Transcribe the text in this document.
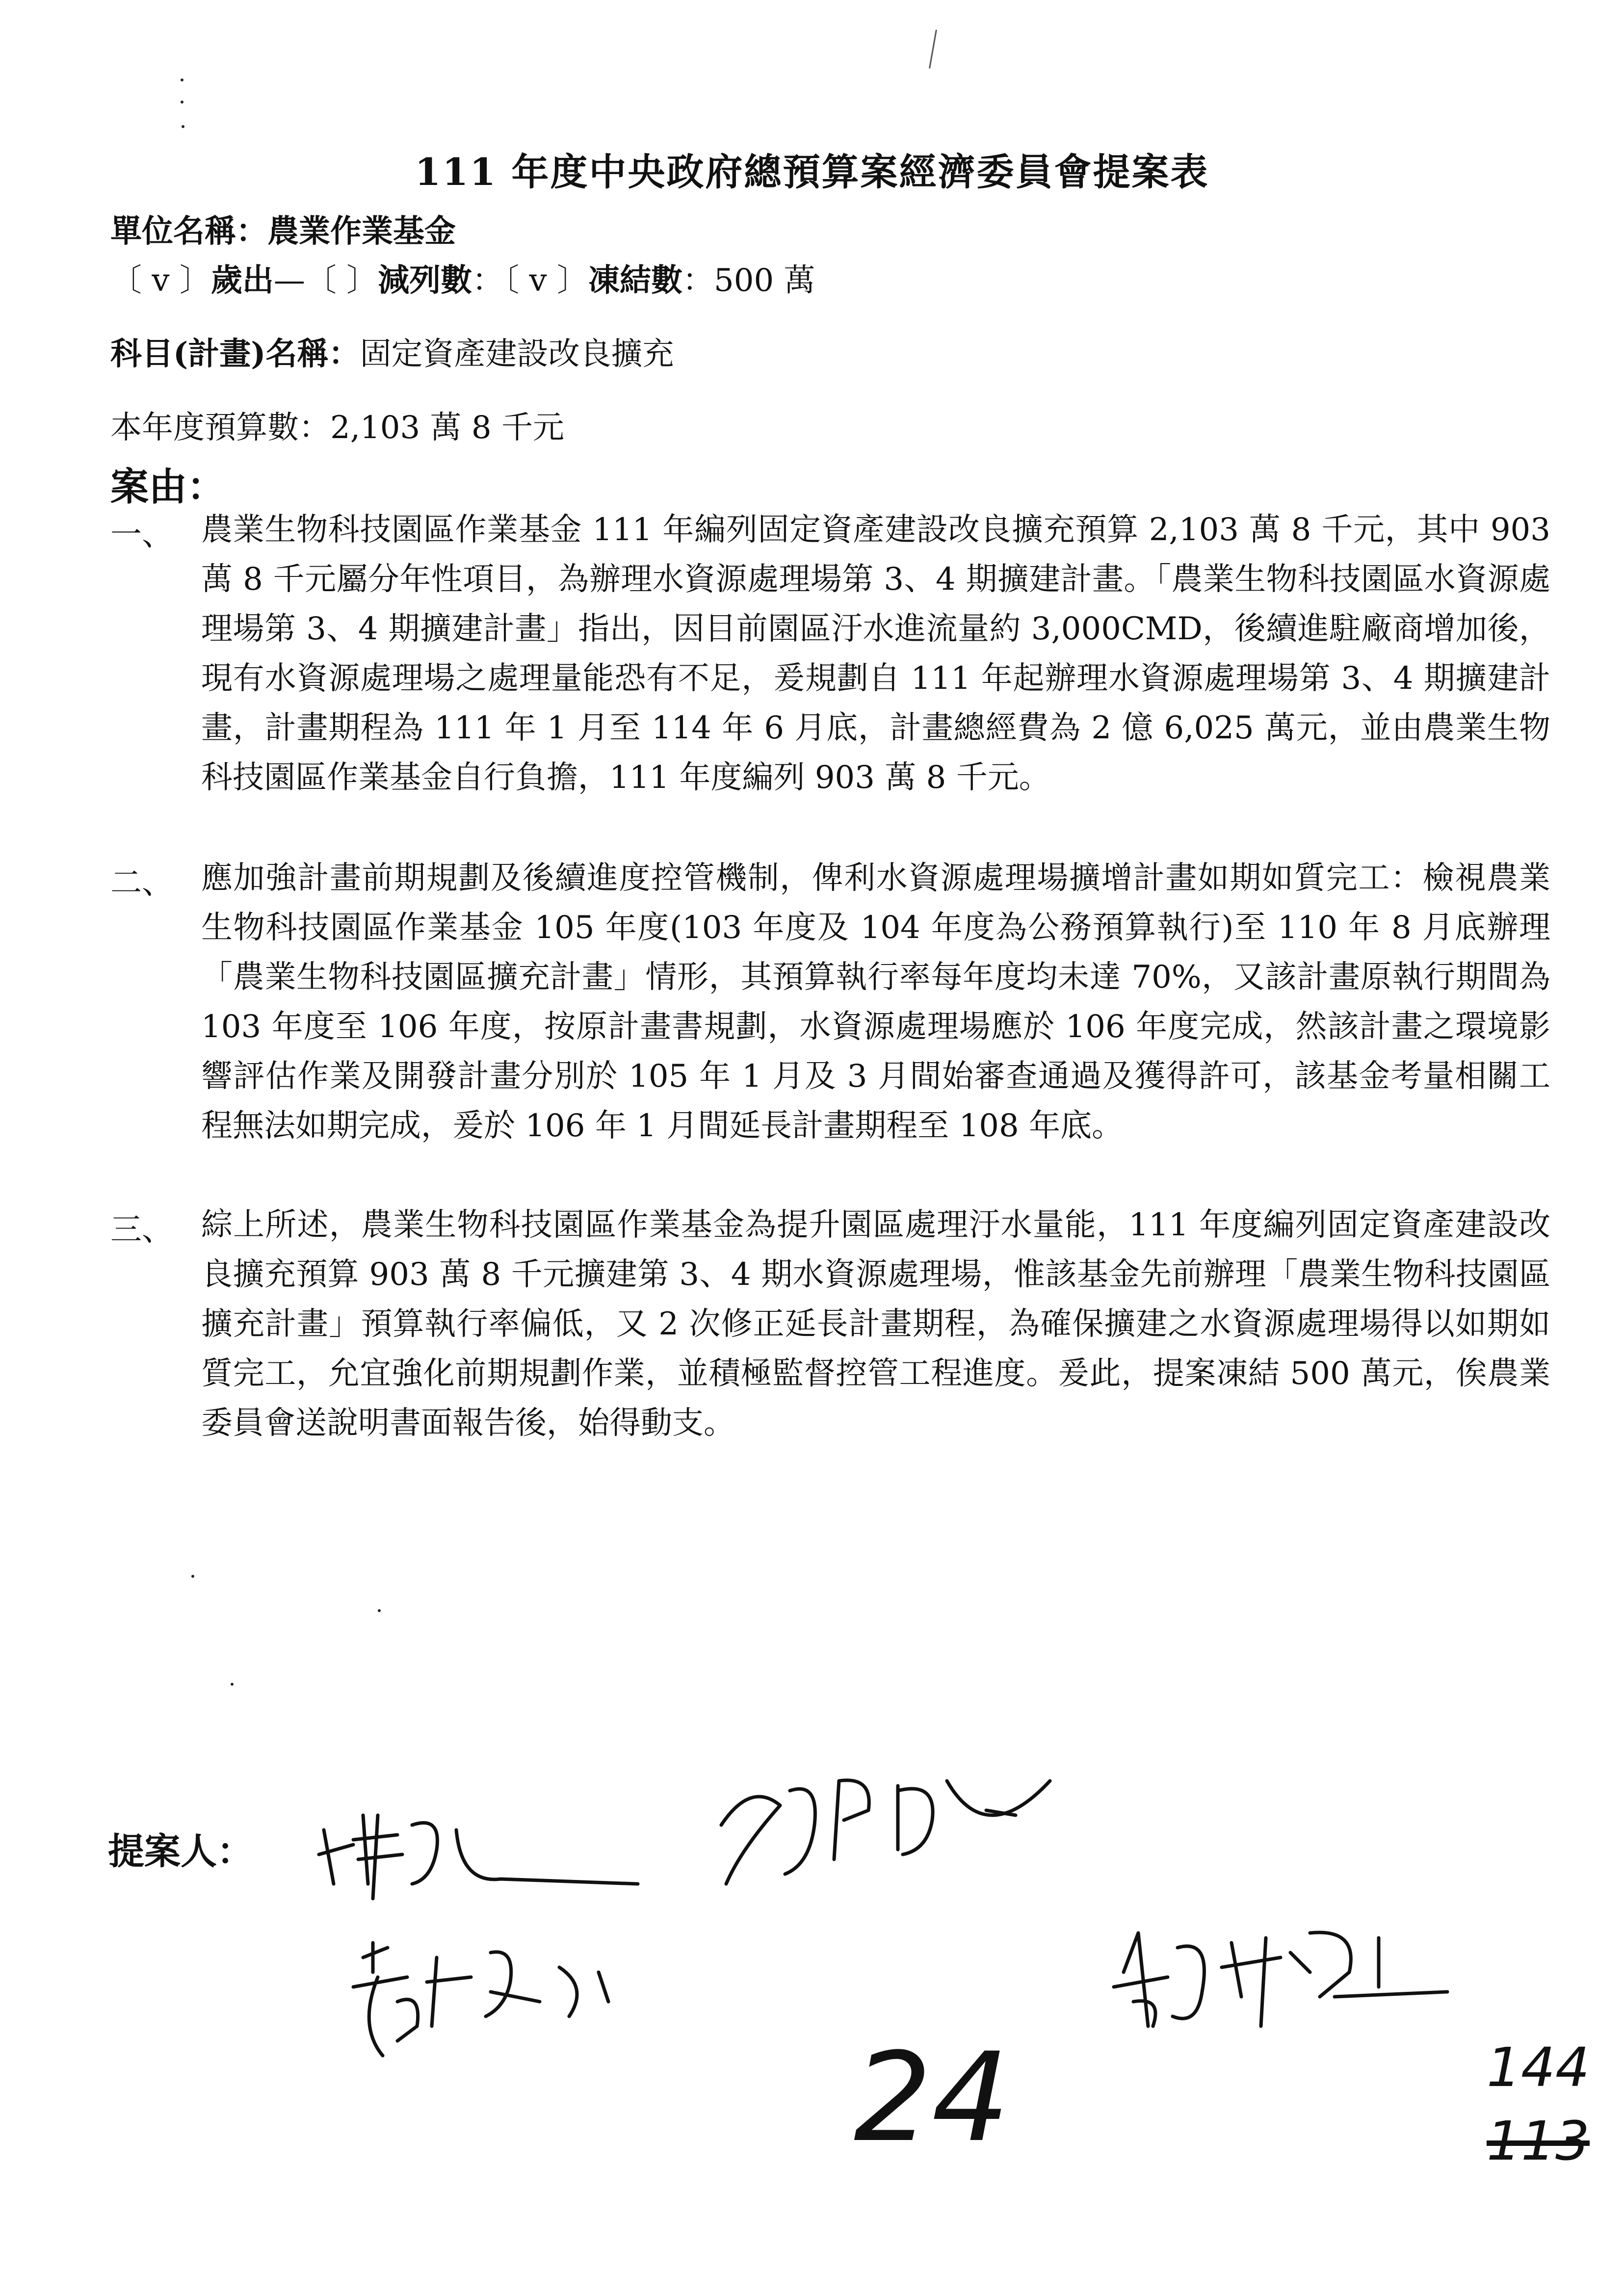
111 年度中央政府總預算案經濟委員會提案表
單位名稱：農業作業基金
〔 v 〕歲出—〔 〕減列數：〔 v 〕凍結數：500 萬
科目(計畫)名稱：固定資產建設改良擴充
本年度預算數：2,103 萬 8 千元
案由：
一、 農業生物科技園區作業基金 111 年編列固定資產建設改良擴充預算 2,103 萬 8 千元，其中 903 萬 8 千元屬分年性項目，為辦理水資源處理場第 3、4 期擴建計畫。「農業生物科技園區水資源處理場第 3、4 期擴建計畫」指出，因目前園區汙水進流量約 3,000CMD，後續進駐廠商增加後，現有水資源處理場之處理量能恐有不足，爰規劃自 111 年起辦理水資源處理場第 3、4 期擴建計畫，計畫期程為 111 年 1 月至 114 年 6 月底，計畫總經費為 2 億 6,025 萬元，並由農業生物科技園區作業基金自行負擔，111 年度編列 903 萬 8 千元。
二、 應加強計畫前期規劃及後續進度控管機制，俾利水資源處理場擴增計畫如期如質完工：檢視農業生物科技園區作業基金 105 年度(103 年度及 104 年度為公務預算執行)至 110 年 8 月底辦理「農業生物科技園區擴充計畫」情形，其預算執行率每年度均未達 70%，又該計畫原執行期間為 103 年度至 106 年度，按原計畫書規劃，水資源處理場應於 106 年度完成，然該計畫之環境影響評估作業及開發計畫分別於 105 年 1 月及 3 月間始審查通過及獲得許可，該基金考量相關工程無法如期完成，爰於 106 年 1 月間延長計畫期程至 108 年底。
三、 綜上所述，農業生物科技園區作業基金為提升園區處理汙水量能，111 年度編列固定資產建設改良擴充預算 903 萬 8 千元擴建第 3、4 期水資源處理場，惟該基金先前辦理「農業生物科技園區擴充計畫」預算執行率偏低，又 2 次修正延長計畫期程，為確保擴建之水資源處理場得以如期如質完工，允宜強化前期規劃作業，並積極監督控管工程進度。爰此，提案凍結 500 萬元，俟農業委員會送說明書面報告後，始得動支。
提案人：
24	144
113
